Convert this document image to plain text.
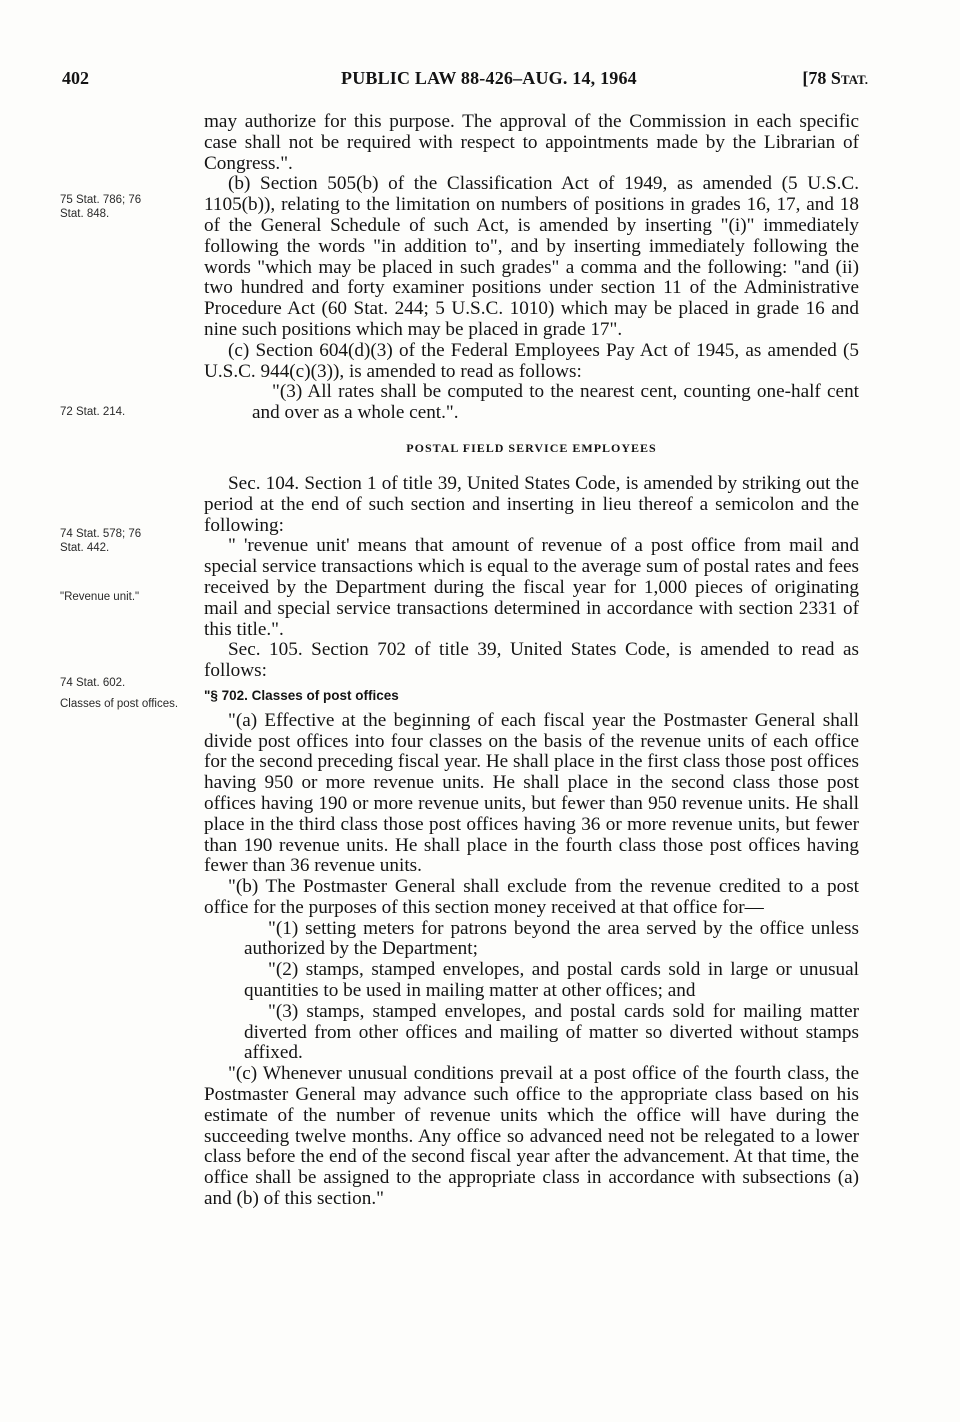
402	PUBLIC LAW 88-426–AUG. 14, 1964	[78 STAT.
75 Stat. 786; 76 Stat. 848.
72 Stat. 214.
74 Stat. 578; 76 Stat. 442.
"Revenue unit."
74 Stat. 602.
Classes of post offices.

may authorize for this purpose. The approval of the Commission in each specific case shall not be required with respect to appointments made by the Librarian of Congress.".

(b) Section 505(b) of the Classification Act of 1949, as amended (5 U.S.C. 1105(b)), relating to the limitation on numbers of positions in grades 16, 17, and 18 of the General Schedule of such Act, is amended by inserting "(i)" immediately following the words "in addition to", and by inserting immediately following the words "which may be placed in such grades" a comma and the following: "and (ii) two hundred and forty examiner positions under section 11 of the Administrative Procedure Act (60 Stat. 244; 5 U.S.C. 1010) which may be placed in grade 16 and nine such positions which may be placed in grade 17".

(c) Section 604(d)(3) of the Federal Employees Pay Act of 1945, as amended (5 U.S.C. 944(c)(3)), is amended to read as follows:

"(3) All rates shall be computed to the nearest cent, counting one-half cent and over as a whole cent.".

POSTAL FIELD SERVICE EMPLOYEES

Sec. 104. Section 1 of title 39, United States Code, is amended by striking out the period at the end of such section and inserting in lieu thereof a semicolon and the following:

" 'revenue unit' means that amount of revenue of a post office from mail and special service transactions which is equal to the average sum of postal rates and fees received by the Department during the fiscal year for 1,000 pieces of originating mail and special service transactions determined in accordance with section 2331 of this title.".

Sec. 105. Section 702 of title 39, United States Code, is amended to read as follows:

"§ 702. Classes of post offices

"(a) Effective at the beginning of each fiscal year the Postmaster General shall divide post offices into four classes on the basis of the revenue units of each office for the second preceding fiscal year. He shall place in the first class those post offices having 950 or more revenue units. He shall place in the second class those post offices having 190 or more revenue units, but fewer than 950 revenue units. He shall place in the third class those post offices having 36 or more revenue units, but fewer than 190 revenue units. He shall place in the fourth class those post offices having fewer than 36 revenue units.

"(b) The Postmaster General shall exclude from the revenue credited to a post office for the purposes of this section money received at that office for—

"(1) setting meters for patrons beyond the area served by the office unless authorized by the Department;

"(2) stamps, stamped envelopes, and postal cards sold in large or unusual quantities to be used in mailing matter at other offices; and

"(3) stamps, stamped envelopes, and postal cards sold for mailing matter diverted from other offices and mailing of matter so diverted without stamps affixed.

"(c) Whenever unusual conditions prevail at a post office of the fourth class, the Postmaster General may advance such office to the appropriate class based on his estimate of the number of revenue units which the office will have during the succeeding twelve months. Any office so advanced need not be relegated to a lower class before the end of the second fiscal year after the advancement. At that time, the office shall be assigned to the appropriate class in accordance with subsections (a) and (b) of this section."
